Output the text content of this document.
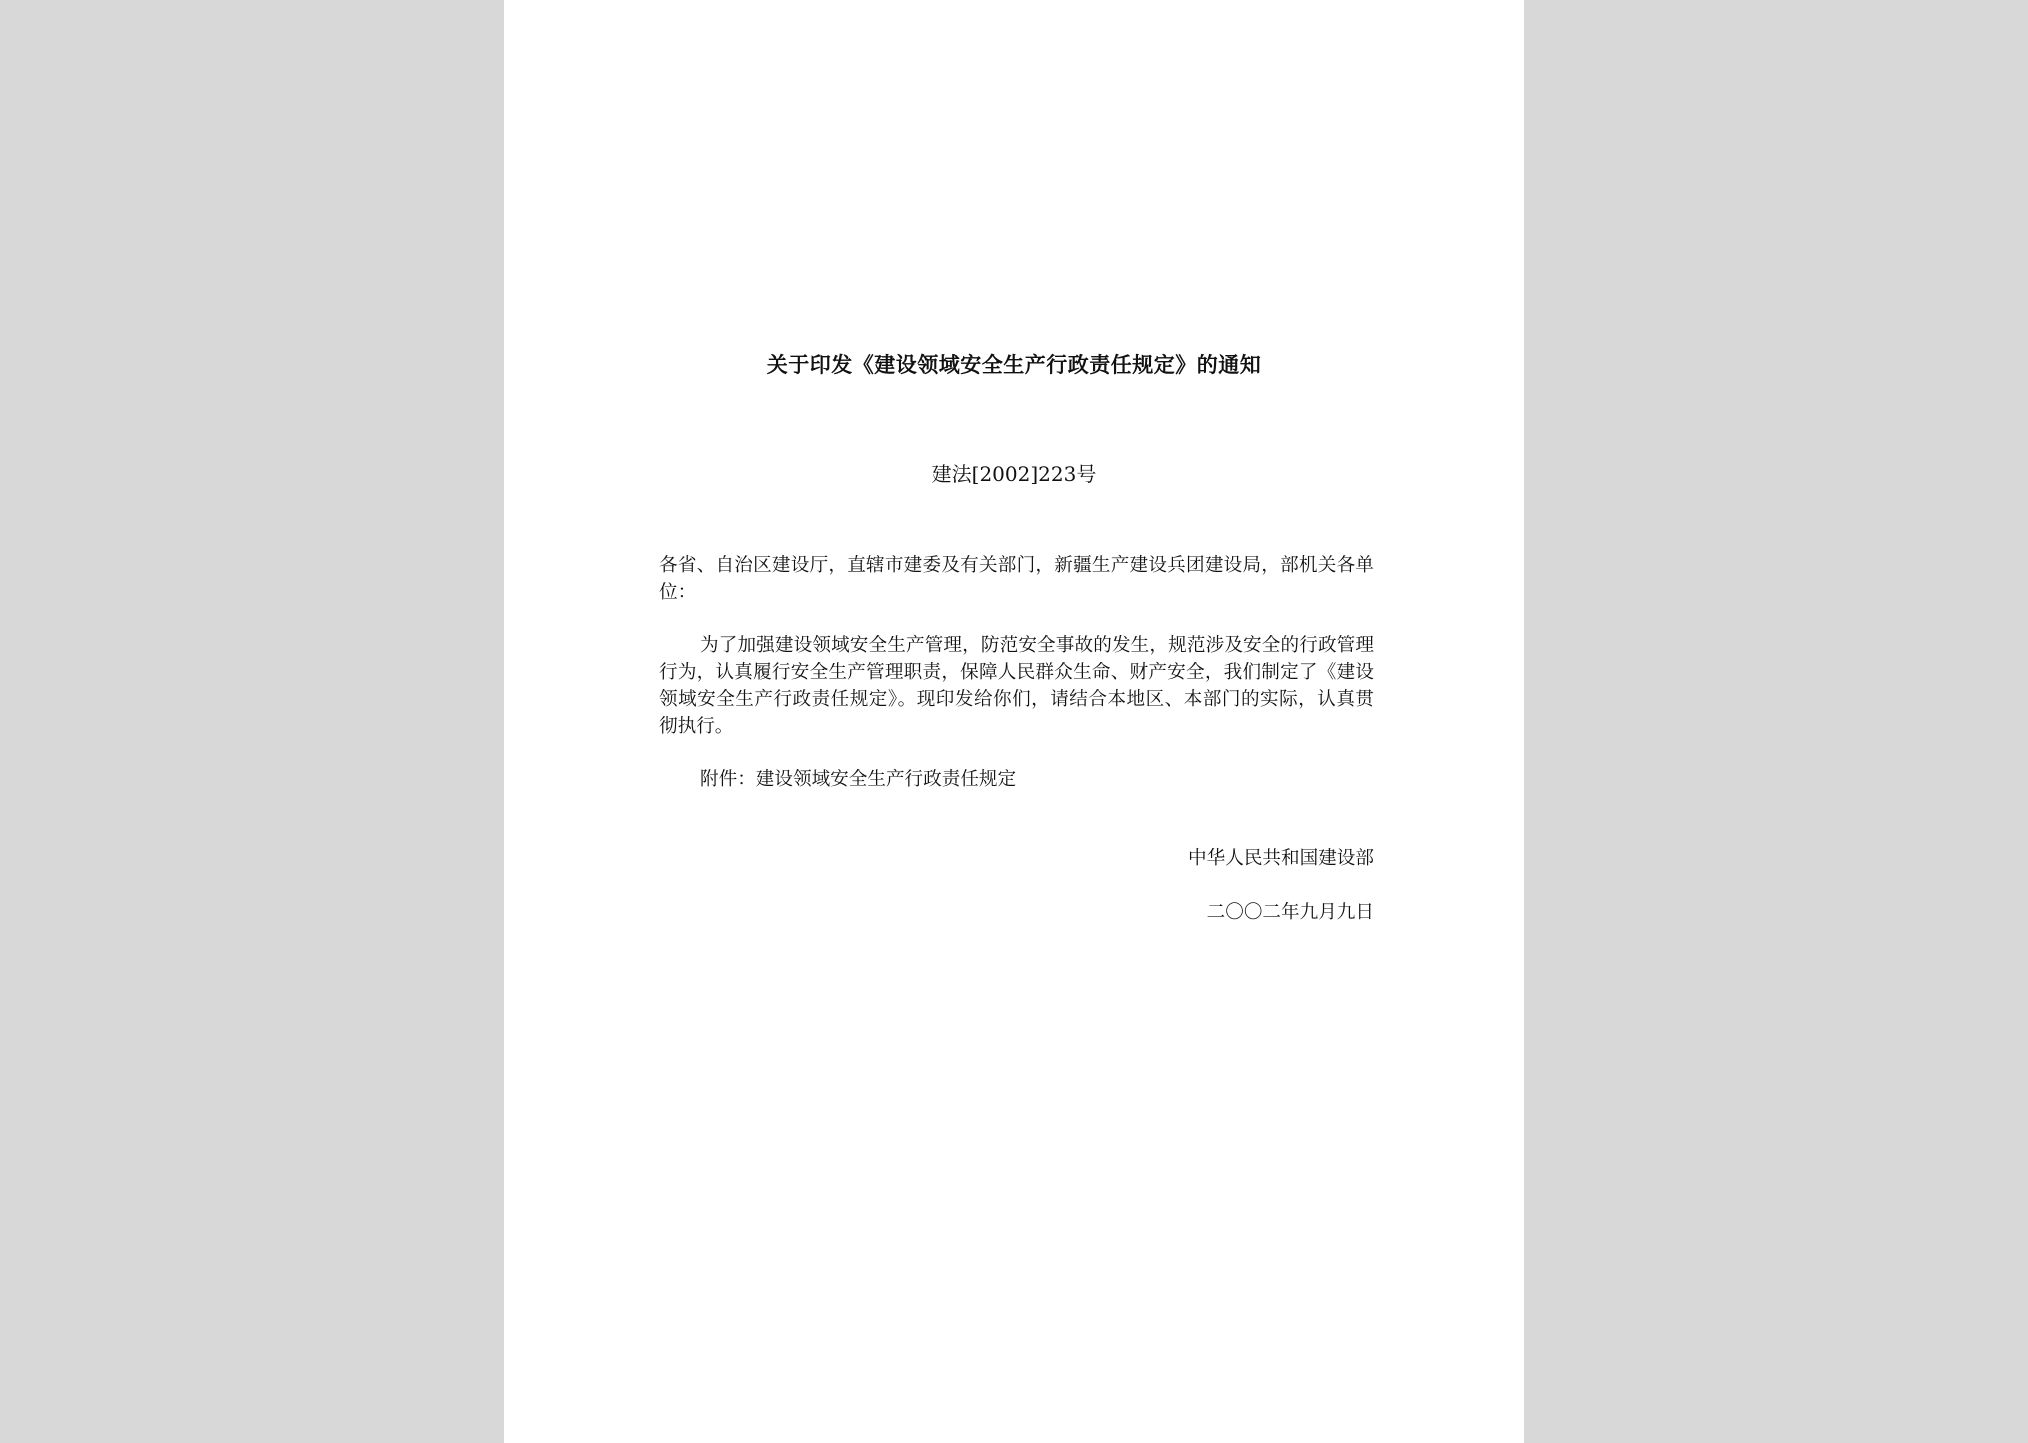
关于印发《建设领域安全生产行政责任规定》的通知
建法[2002]223号
各省、自治区建设厅，直辖市建委及有关部门，新疆生产建设兵团建设局，部机关各单位：
为了加强建设领域安全生产管理，防范安全事故的发生，规范涉及安全的行政管理行为，认真履行安全生产管理职责，保障人民群众生命、财产安全，我们制定了《建设领域安全生产行政责任规定》。现印发给你们，请结合本地区、本部门的实际，认真贯彻执行。
附件：建设领域安全生产行政责任规定
中华人民共和国建设部
二〇〇二年九月九日
